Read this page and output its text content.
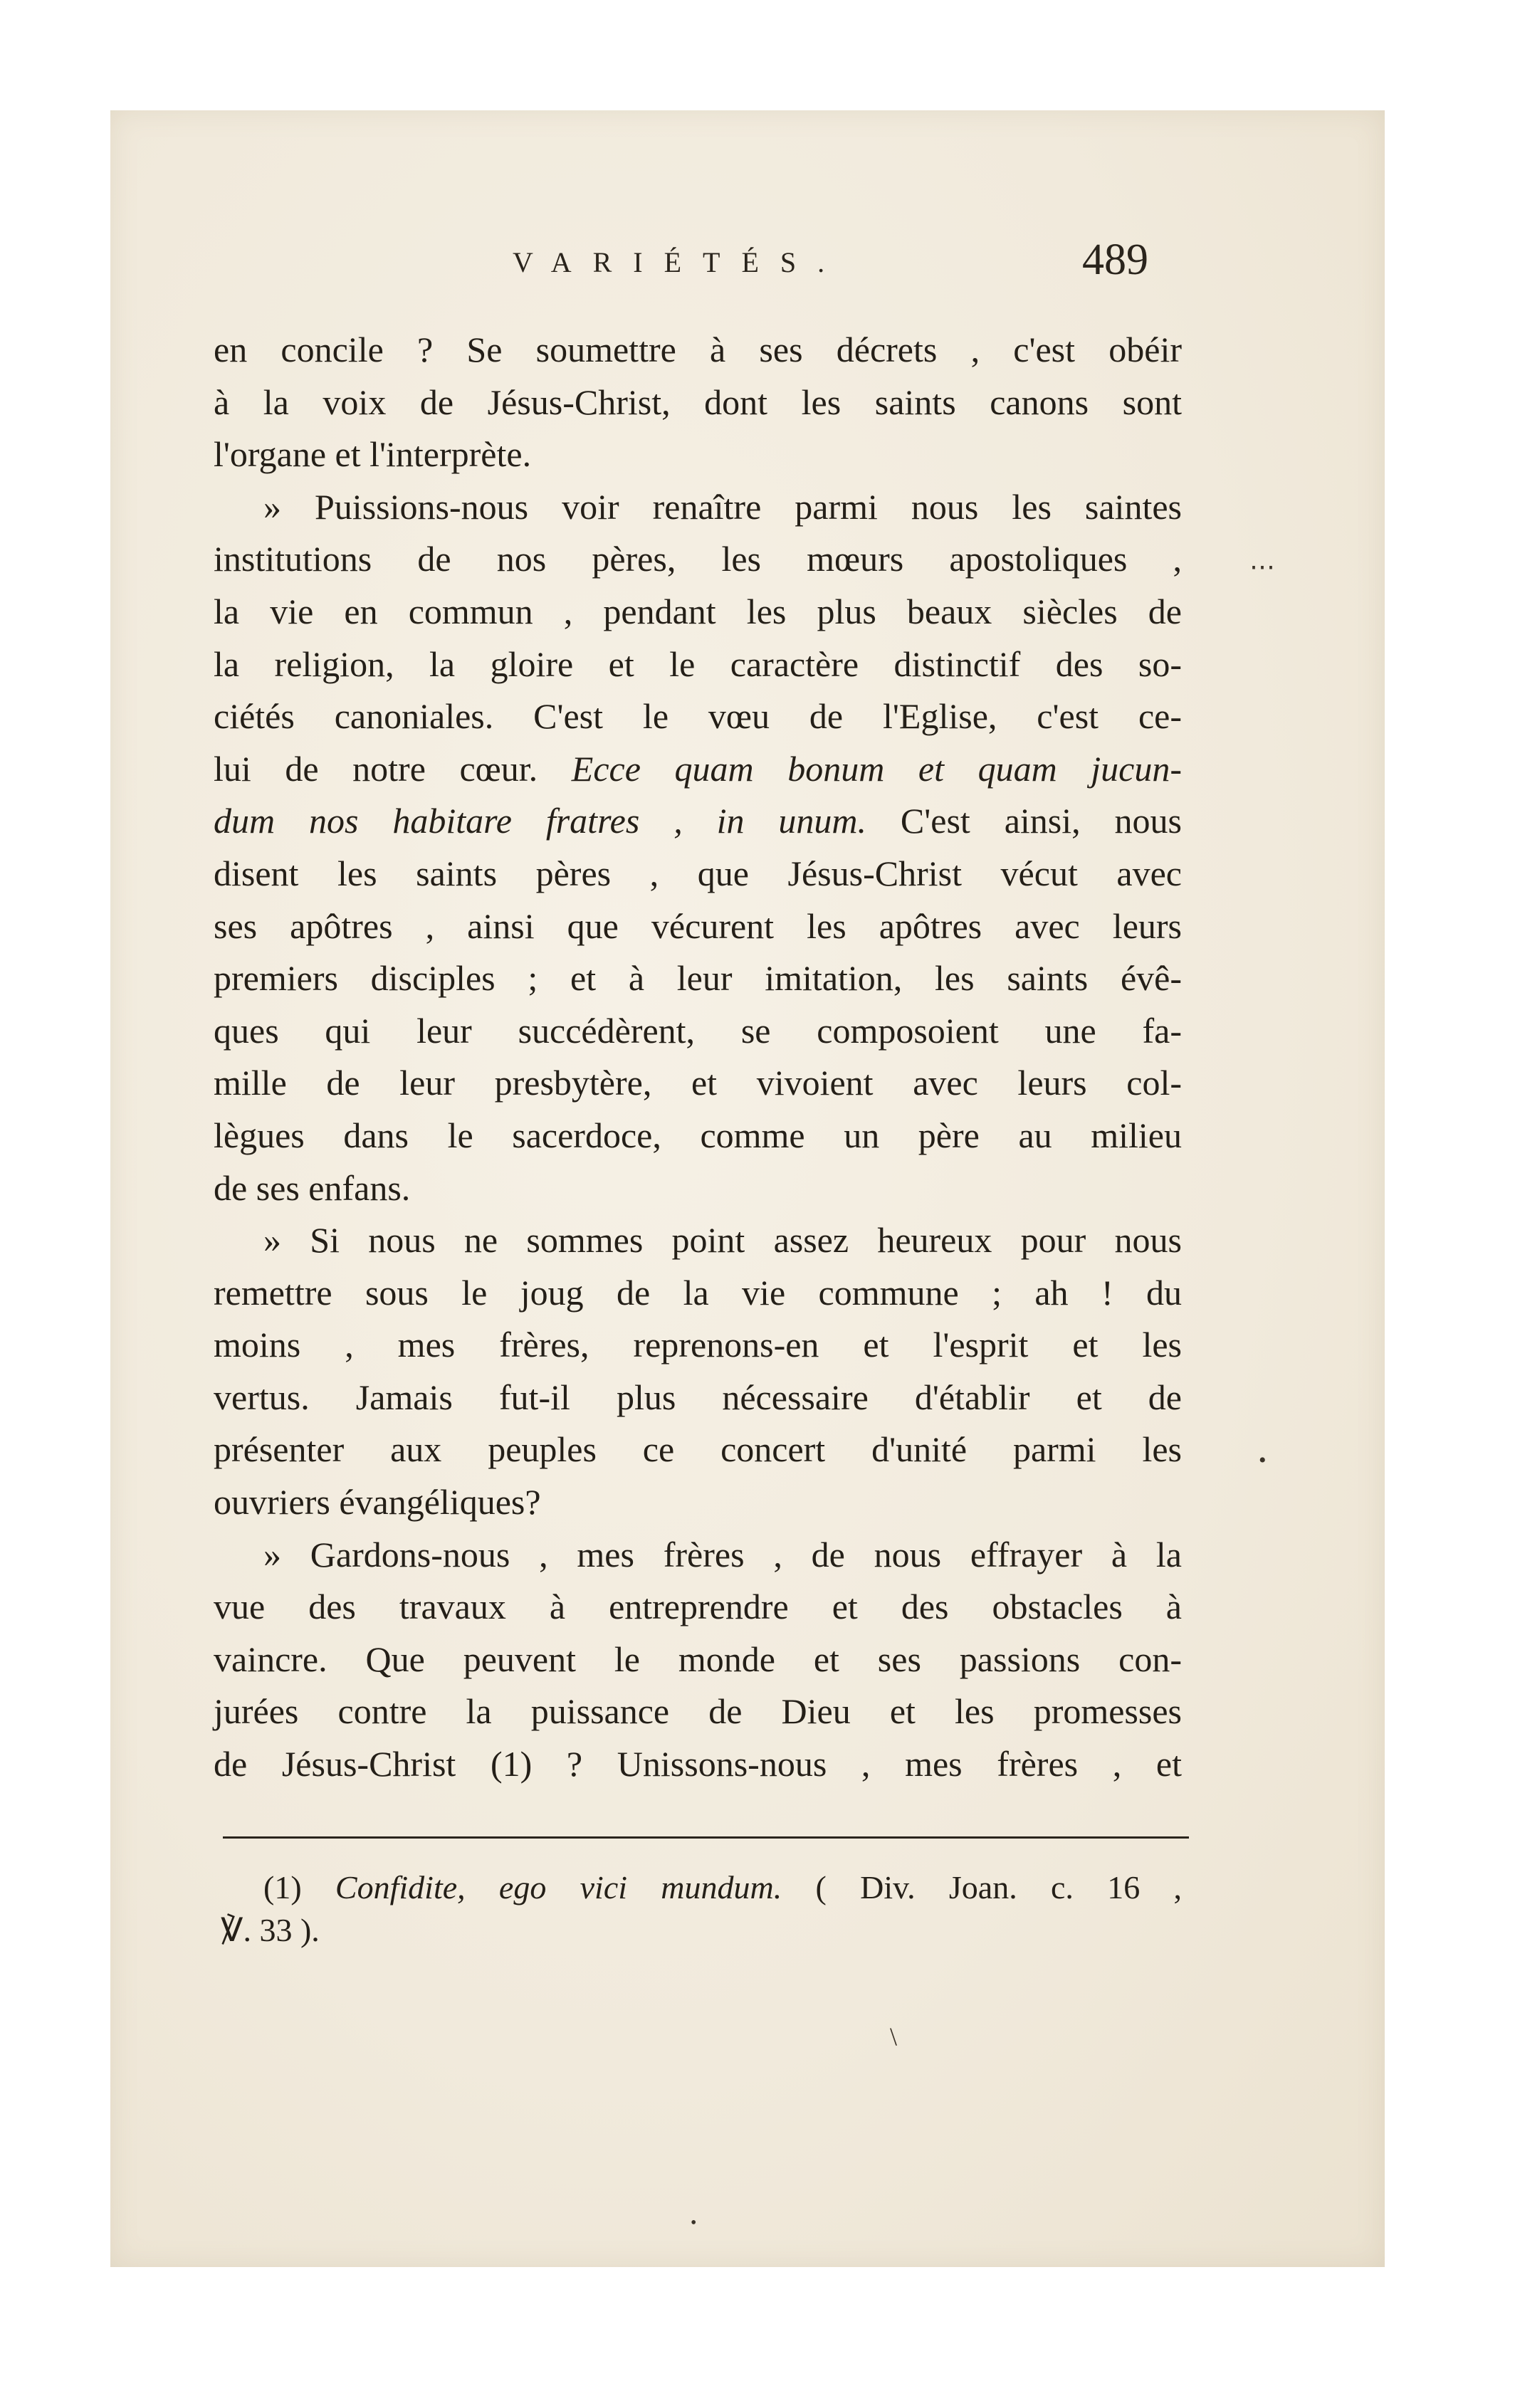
VARIÉTÉS.	489

en concile ? Se soumettre à ses décrets , c'est obéir

à la voix de Jésus-Christ, dont les saints canons sont

l'organe et l'interprète.

» Puissions-nous voir renaître parmi nous les saintes

institutions de nos pères, les mœurs apostoliques ,

la vie en commun , pendant les plus beaux siècles de

la religion, la gloire et le caractère distinctif des so-

ciétés canoniales. C'est le vœu de l'Eglise, c'est ce-

lui de notre cœur. Ecce quam bonum et quam jucun-

dum nos habitare fratres , in unum. C'est ainsi, nous

disent les saints pères , que Jésus-Christ vécut avec

ses apôtres , ainsi que vécurent les apôtres avec leurs

premiers disciples ; et à leur imitation, les saints évê-

ques qui leur succédèrent, se composoient une fa-

mille de leur presbytère, et vivoient avec leurs col-

lègues dans le sacerdoce, comme un père au milieu

de ses enfans.

» Si nous ne sommes point assez heureux pour nous

remettre sous le joug de la vie commune ; ah ! du

moins , mes frères, reprenons-en et l'esprit et les

vertus. Jamais fut-il plus nécessaire d'établir et de

présenter aux peuples ce concert d'unité parmi les

ouvriers évangéliques?

» Gardons-nous , mes frères , de nous effrayer à la

vue des travaux à entreprendre et des obstacles à

vaincre. Que peuvent le monde et ses passions con-

jurées contre la puissance de Dieu et les promesses

de Jésus-Christ (1) ? Unissons-nous , mes frères , et

(1) Confidite, ego vici mundum. ( Div. Joan. c. 16 ,

℣. 33 ).

⋯
•
\
•
